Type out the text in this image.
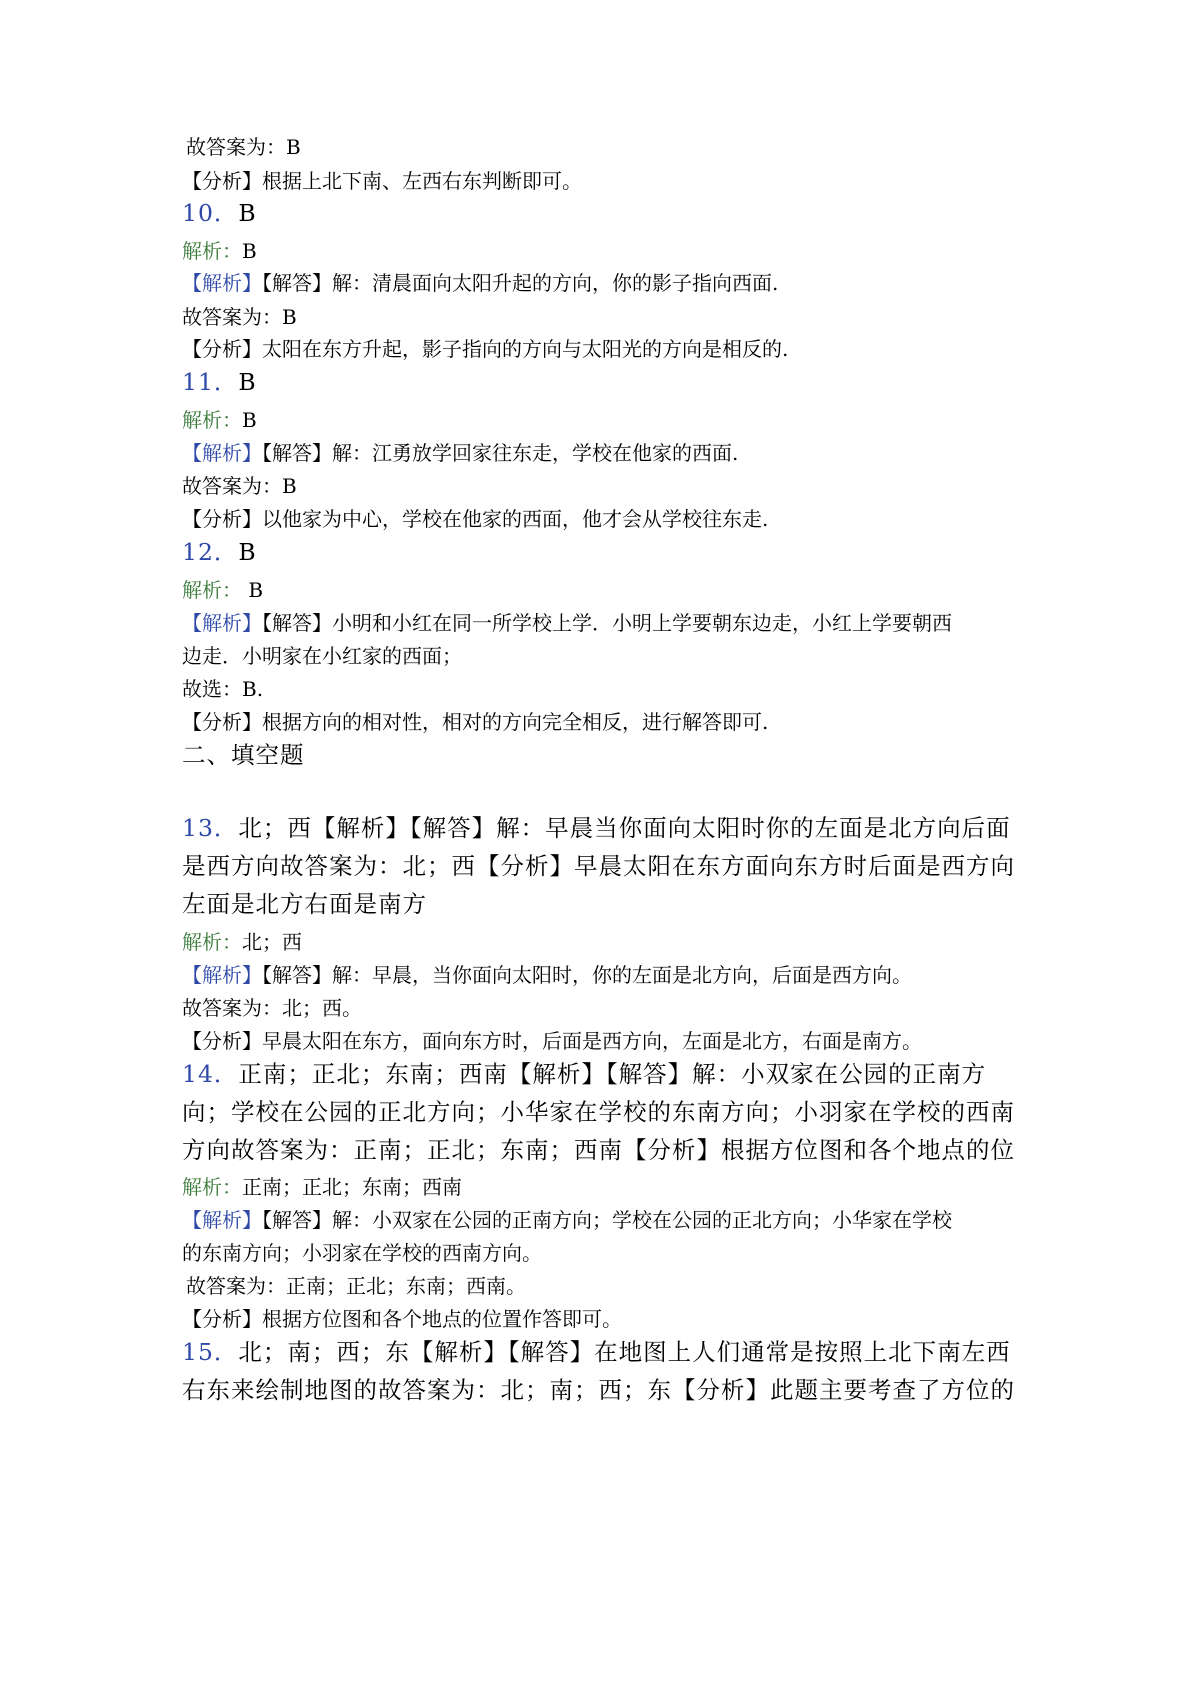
故答案为：B
【分析】根据上北下南、左西右东判断即可。
10．B
解析：B
【解析】【解答】解：清晨面向太阳升起的方向，你的影子指向西面.
故答案为：B
【分析】太阳在东方升起，影子指向的方向与太阳光的方向是相反的.
11．B
解析：B
【解析】【解答】解：江勇放学回家往东走，学校在他家的西面.
故答案为：B
【分析】以他家为中心，学校在他家的西面，他才会从学校往东走.
12．B
解析： B
【解析】【解答】小明和小红在同一所学校上学．小明上学要朝东边走，小红上学要朝西
边走．小明家在小红家的西面；
故选：B.
【分析】根据方向的相对性，相对的方向完全相反，进行解答即可.
二、填空题
13．北；西【解析】【解答】解：早晨当你面向太阳时你的左面是北方向后面
是西方向故答案为：北；西【分析】早晨太阳在东方面向东方时后面是西方向
左面是北方右面是南方
解析：北；西
【解析】【解答】解：早晨，当你面向太阳时，你的左面是北方向，后面是西方向。
故答案为：北；西。
【分析】早晨太阳在东方，面向东方时，后面是西方向，左面是北方，右面是南方。
14．正南；正北；东南；西南【解析】【解答】解：小双家在公园的正南方
向；学校在公园的正北方向；小华家在学校的东南方向；小羽家在学校的西南
方向故答案为：正南；正北；东南；西南【分析】根据方位图和各个地点的位
解析：正南；正北；东南；西南
【解析】【解答】解：小双家在公园的正南方向；学校在公园的正北方向；小华家在学校
的东南方向；小羽家在学校的西南方向。
故答案为：正南；正北；东南；西南。
【分析】根据方位图和各个地点的位置作答即可。
15．北；南；西；东【解析】【解答】在地图上人们通常是按照上北下南左西
右东来绘制地图的故答案为：北；南；西；东【分析】此题主要考查了方位的
